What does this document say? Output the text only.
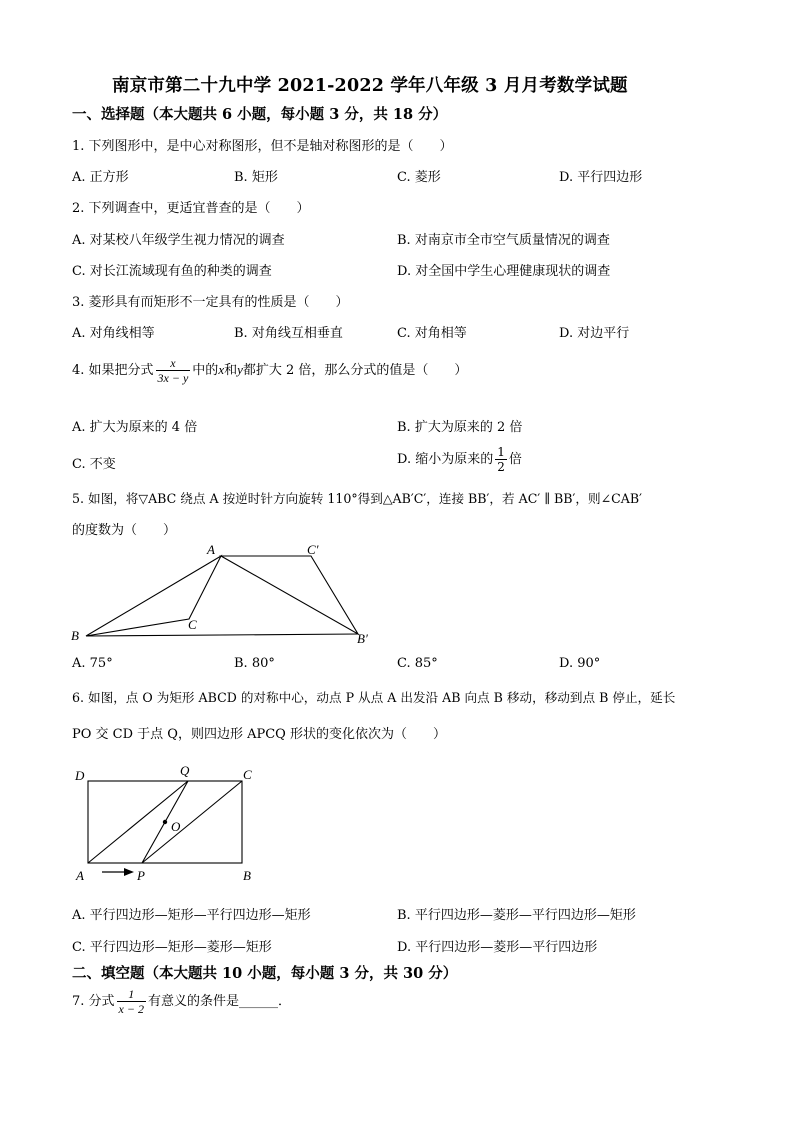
南京市第二十九中学 2021-2022 学年八年级 3 月月考数学试题
一、选择题（本大题共 6 小题，每小题 3 分，共 18 分）
1. 下列图形中，是中心对称图形，但不是轴对称图形的是（　　）
A. 正方形	B. 矩形	C. 菱形	D. 平行四边形
2. 下列调查中，更适宜普查的是（　　）
A. 对某校八年级学生视力情况的调查	B. 对南京市全市空气质量情况的调查
C. 对长江流域现有鱼的种类的调查	D. 对全国中学生心理健康现状的调查
3. 菱形具有而矩形不一定具有的性质是（　　）
A. 对角线相等	B. 对角线互相垂直	C. 对角相等	D. 对边平行
4. 如果把分式 $\frac{x}{3x - y}$ 中的x和y都扩大 2 倍，那么分式的值是（　　）
A. 扩大为原来的 4 倍	B. 扩大为原来的 2 倍
C. 不变	D. 缩小为原来的 $\frac{1}{2}$ 倍
5. 如图，将▽ABC 绕点 A 按逆时针方向旋转 110°得到△AB′C′，连接 BB′，若 AC′ ∥ BB′，则∠CAB′
的度数为（　　）
A	C′
B
C
B′
A. 75°	B. 80°	C. 85°	D. 90°
6. 如图，点 O 为矩形 ABCD 的对称中心，动点 P 从点 A 出发沿 AB 向点 B 移动，移动到点 B 停止，延长
PO 交 CD 于点 Q，则四边形 APCQ 形状的变化依次为（　　）
D	Q	C
O
A	P	B
A. 平行四边形—矩形—平行四边形—矩形	B. 平行四边形—菱形—平行四边形—矩形
C. 平行四边形—矩形—菱形—矩形	D. 平行四边形—菱形—平行四边形
二、填空题（本大题共 10 小题，每小题 3 分，共 30 分）
7. 分式 $\frac{1}{x - 2}$ 有意义的条件是______．
